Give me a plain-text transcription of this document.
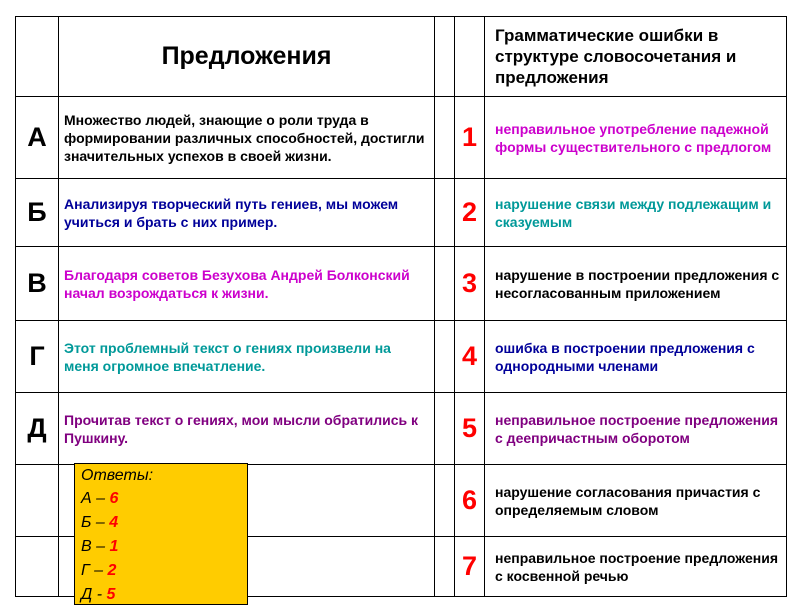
	Предложения			Грамматические ошибки в структуре словосочетания и предложения
А	Множество людей, знающие о роли труда в формировании различных способностей, достигли значительных успехов в своей жизни.		1	неправильное употребление падежной формы существительного с предлогом
Б	Анализируя творческий путь гениев, мы можем учиться и брать с них пример.		2	нарушение связи между подлежащим и сказуемым
В	Благодаря советов Безухова Андрей Болконский начал возрождаться к жизни.		3	нарушение в построении предложения с несогласованным приложением
Г	Этот проблемный текст о гениях произвели на меня огромное впечатление.		4	ошибка в построении предложения с однородными членами
Д	Прочитав текст о гениях, мои мысли обратились к Пушкину.		5	неправильное построение предложения с деепричастным оборотом
			6	нарушение согласования причастия с определяемым словом
			7	неправильное построение предложения с косвенной речью
Ответы:
А – 6
Б – 4
В – 1
Г – 2
Д - 5
